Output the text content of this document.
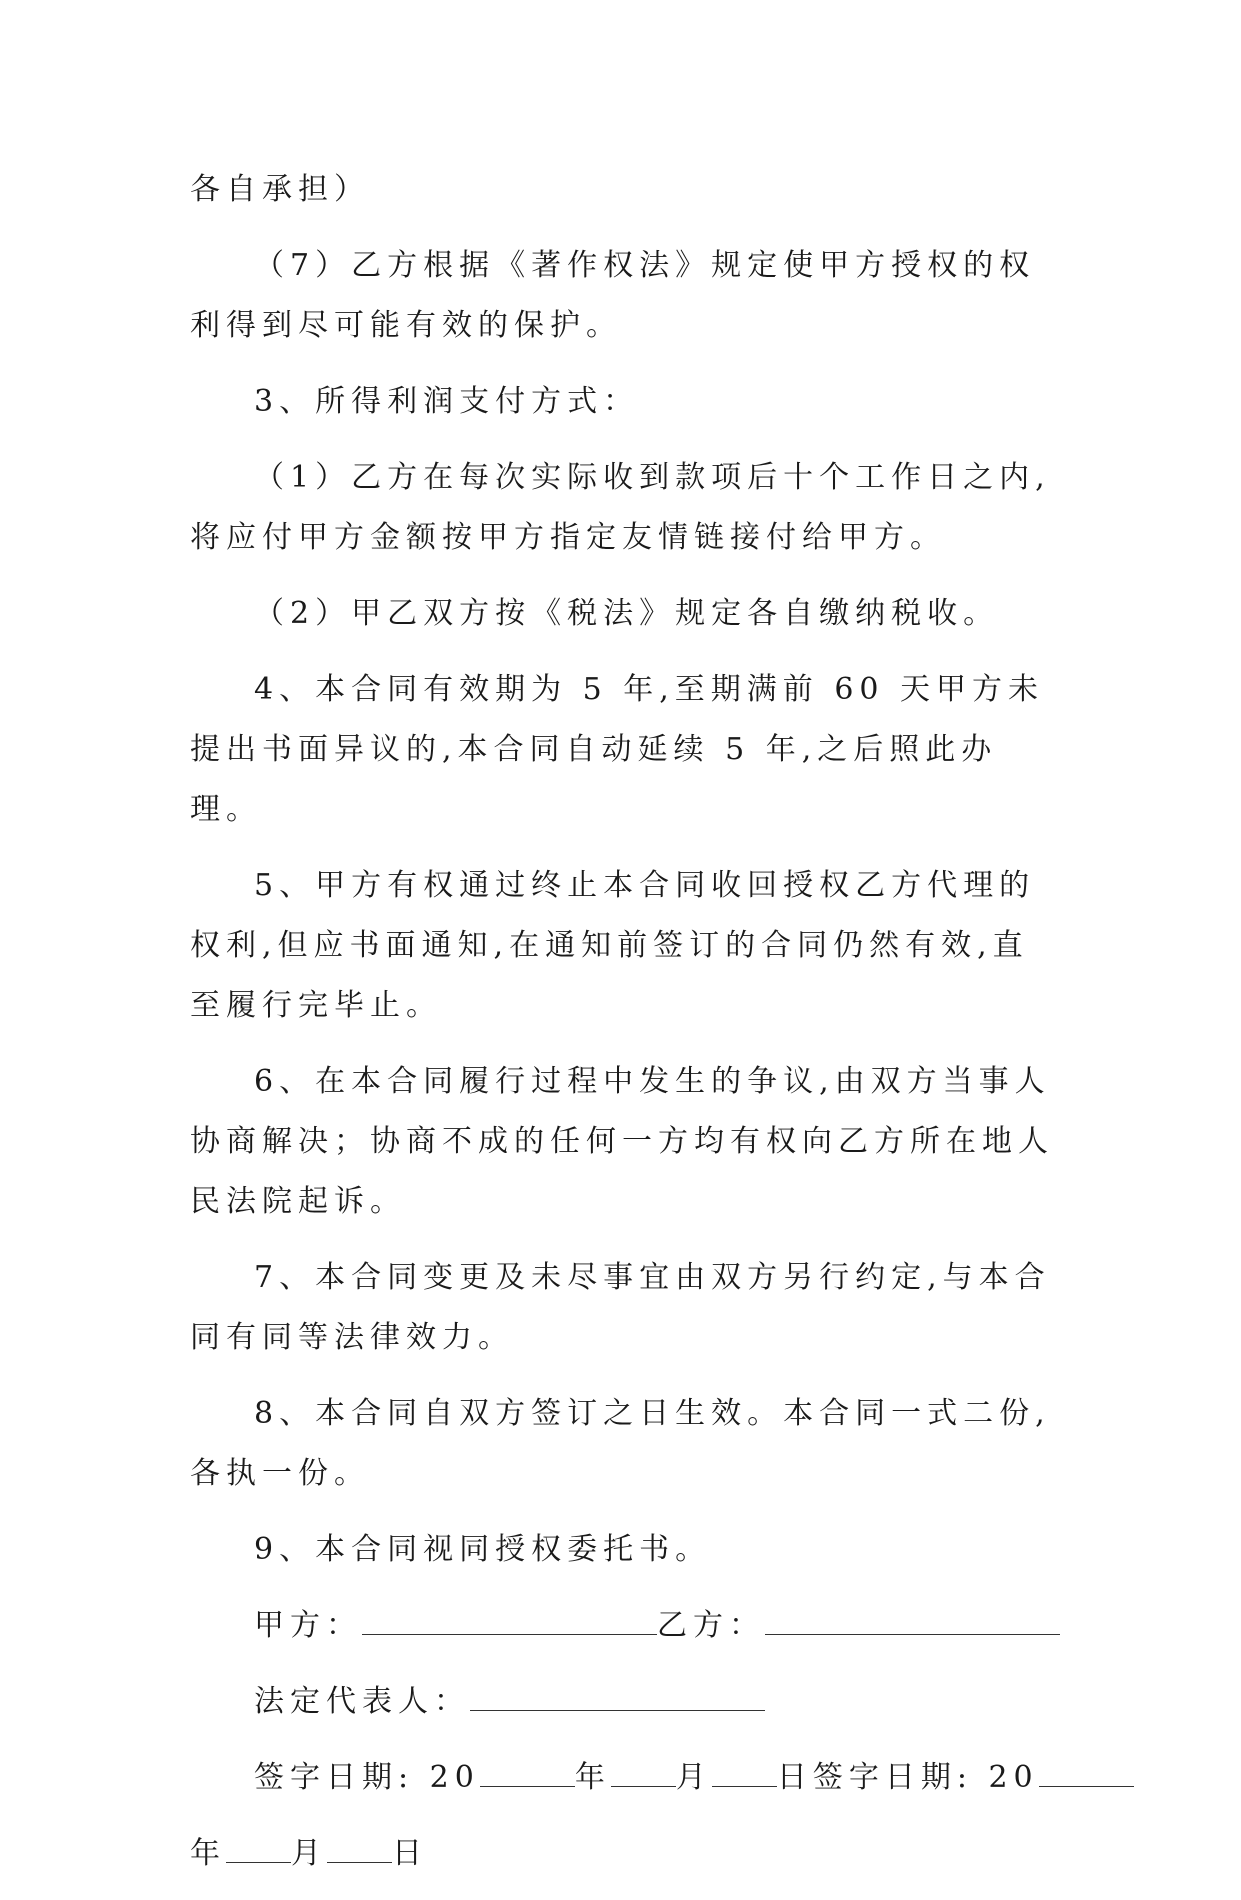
各自承担）

（7）乙方根据《著作权法》规定使甲方授权的权利得到尽可能有效的保护。

3、所得利润支付方式：

（1）乙方在每次实际收到款项后十个工作日之内,将应付甲方金额按甲方指定友情链接付给甲方。

（2）甲乙双方按《税法》规定各自缴纳税收。

4、本合同有效期为 5 年,至期满前 60 天甲方未提出书面异议的,本合同自动延续 5 年,之后照此办理。

5、甲方有权通过终止本合同收回授权乙方代理的权利,但应书面通知,在通知前签订的合同仍然有效,直至履行完毕止。

6、在本合同履行过程中发生的争议,由双方当事人协商解决；协商不成的任何一方均有权向乙方所在地人民法院起诉。

7、本合同变更及未尽事宜由双方另行约定,与本合同有同等法律效力。

8、本合同自双方签订之日生效。本合同一式二份,各执一份。

9、本合同视同授权委托书。

甲方：	乙方：
法定代表人：
签字日期: 20	年 月 日签字日期: 20
年 月 日
